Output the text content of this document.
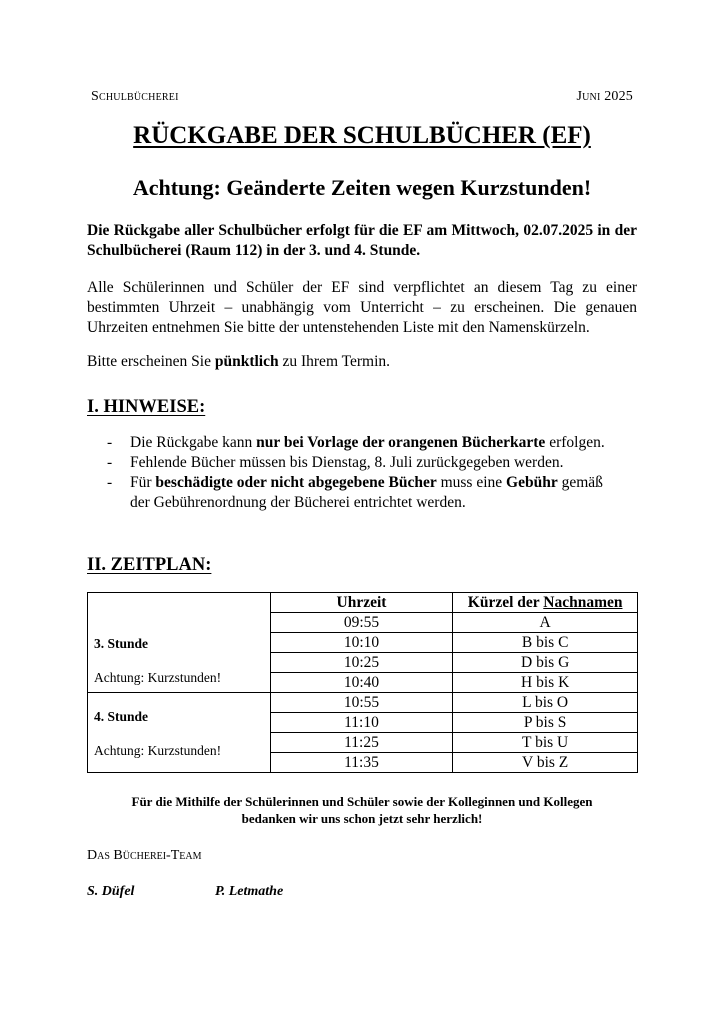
Schulbücherei	Juni 2025
RÜCKGABE DER SCHULBÜCHER (EF)
Achtung: Geänderte Zeiten wegen Kurzstunden!
Die Rückgabe aller Schulbücher erfolgt für die EF am Mittwoch, 02.07.2025 in der Schulbücherei (Raum 112) in der 3. und 4. Stunde.
Alle Schülerinnen und Schüler der EF sind verpflichtet an diesem Tag zu einer bestimmten Uhrzeit – unabhängig vom Unterricht – zu erscheinen. Die genauen Uhrzeiten entnehmen Sie bitte der untenstehenden Liste mit den Namenskürzeln.
Bitte erscheinen Sie pünktlich zu Ihrem Termin.
I. HINWEISE:
- Die Rückgabe kann nur bei Vorlage der orangenen Bücherkarte erfolgen.
- Fehlende Bücher müssen bis Dienstag, 8. Juli zurückgegeben werden.
- Für beschädigte oder nicht abgegebene Bücher muss eine Gebühr gemäß der Gebührenordnung der Bücherei entrichtet werden.
II. ZEITPLAN:
	Uhrzeit	Kürzel der Nachnamen

3. Stunde
Achtung: Kurzstunden!	09:55	A
	10:10	B bis C
	10:25	D bis G
	10:40	H bis K

4. Stunde
Achtung: Kurzstunden!	10:55	L bis O
	11:10	P bis S
	11:25	T bis U
	11:35	V bis Z
Für die Mithilfe der Schülerinnen und Schüler sowie der Kolleginnen und Kollegen
bedanken wir uns schon jetzt sehr herzlich!
Das Bücherei-Team
S. Düfel	P. Letmathe
